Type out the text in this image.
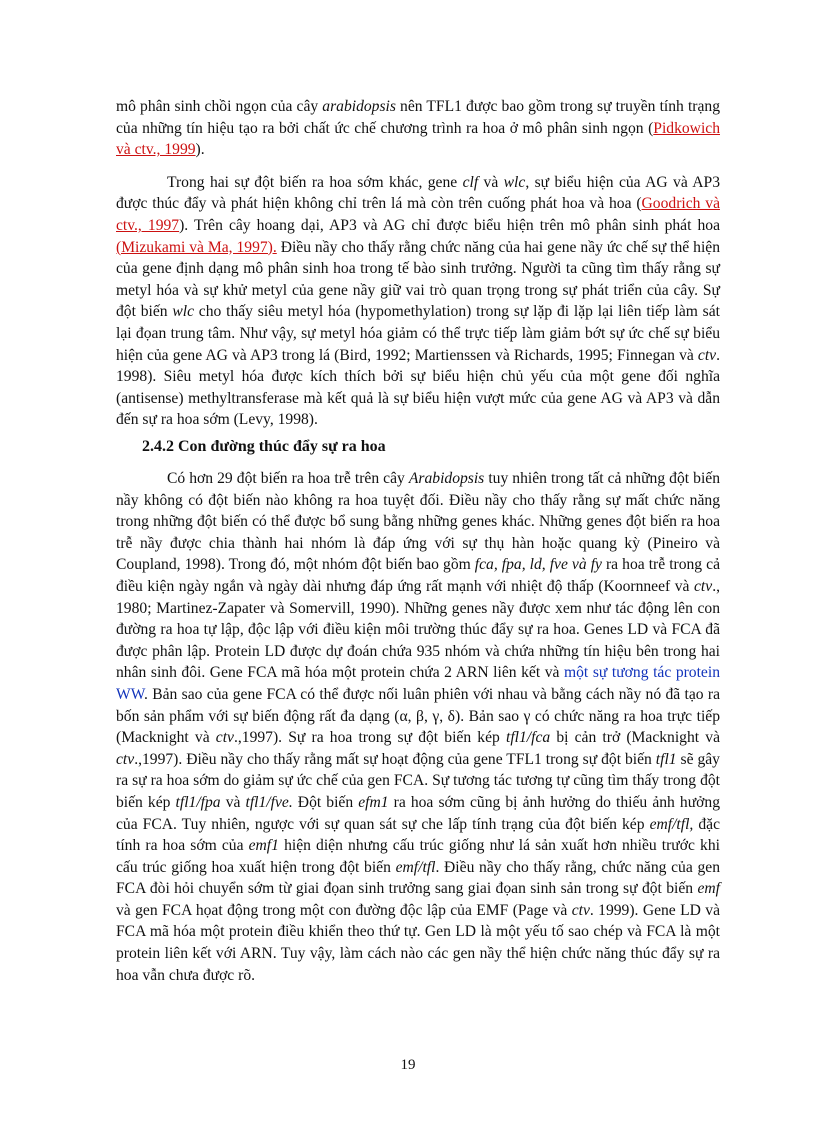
mô phân sinh chồi ngọn của cây arabidopsis nên TFL1 được bao gồm trong sự truyền tính trạng của những tín hiệu tạo ra bởi chất ức chế chương trình ra hoa ở mô phân sinh ngọn (Pidkowich và ctv., 1999).

Trong hai sự đột biến ra hoa sớm khác, gene clf và wlc, sự biểu hiện của AG và AP3 được thúc đẩy và phát hiện không chỉ trên lá mà còn trên cuống phát hoa và hoa (Goodrich và ctv., 1997). Trên cây hoang dại, AP3 và AG chỉ được biểu hiện trên mô phân sinh phát hoa (Mizukami và Ma, 1997). Điều nầy cho thấy rằng chức năng của hai gene nầy ức chế sự thể hiện của gene định dạng mô phân sinh hoa trong tế bào sinh trưởng. Người ta cũng tìm thấy rằng sự metyl hóa và sự khử metyl của gene nầy giữ vai trò quan trọng trong sự phát triển của cây. Sự đột biến wlc cho thấy siêu metyl hóa (hypomethylation) trong sự lặp đi lặp lại liên tiếp làm sát lại đọan trung tâm. Như vậy, sự metyl hóa giảm có thể trực tiếp làm giảm bớt sự ức chế sự biểu hiện của gene AG và AP3 trong lá (Bird, 1992; Martienssen và Richards, 1995; Finnegan và ctv. 1998). Siêu metyl hóa được kích thích bởi sự biểu hiện chủ yếu của một gene đối nghĩa (antisense) methyltransferase mà kết quả là sự biểu hiện vượt mức của gene AG và AP3 và dẫn đến sự ra hoa sớm (Levy, 1998).

2.4.2 Con đường thúc đẩy sự ra hoa

Có hơn 29 đột biến ra hoa trễ trên cây Arabidopsis tuy nhiên trong tất cả những đột biến nầy không có đột biến nào không ra hoa tuyệt đối. Điều nầy cho thấy rằng sự mất chức năng trong những đột biến có thể được bổ sung bằng những genes khác. Những genes đột biến ra hoa trễ nầy được chia thành hai nhóm là đáp ứng với sự thụ hàn hoặc quang kỳ (Pineiro và Coupland, 1998). Trong đó, một nhóm đột biến bao gồm fca, fpa, ld, fve và fy ra hoa trễ trong cả điều kiện ngày ngắn và ngày dài nhưng đáp ứng rất mạnh với nhiệt độ thấp (Koornneef và ctv., 1980; Martinez-Zapater và Somervill, 1990). Những genes nầy được xem như tác động lên con đường ra hoa tự lập, độc lập với điều kiện môi trường thúc đẩy sự ra hoa. Genes LD và FCA đã được phân lập. Protein LD được dự đoán chứa 935 nhóm và chứa những tín hiệu bên trong hai nhân sinh đôi. Gene FCA mã hóa một protein chứa 2 ARN liên kết và một sự tương tác protein WW. Bản sao của gene FCA có thể được nối luân phiên với nhau và bằng cách nầy nó đã tạo ra bốn sản phẩm với sự biến động rất đa dạng (α, β, γ, δ). Bản sao γ có chức năng ra hoa trực tiếp (Macknight và ctv.,1997). Sự ra hoa trong sự đột biến kép tfl1/fca bị cản trở (Macknight và ctv.,1997). Điều nầy cho thấy rằng mất sự hoạt động của gene TFL1 trong sự đột biến tfl1 sẽ gây ra sự ra hoa sớm do giảm sự ức chế của gen FCA. Sự tương tác tương tự cũng tìm thấy trong đột biến kép tfl1/fpa và tfl1/fve. Đột biến efm1 ra hoa sớm cũng bị ảnh hưởng do thiếu ảnh hưởng của FCA. Tuy nhiên, ngược với sự quan sát sự che lấp tính trạng của đột biến kép emf/tfl, đặc tính ra hoa sớm của emf1 hiện diện nhưng cấu trúc giống như lá sản xuất hơn nhiều trước khi cấu trúc giống hoa xuất hiện trong đột biến emf/tfl. Điều nầy cho thấy rằng, chức năng của gen FCA đòi hỏi chuyển sớm từ giai đọan sinh trưởng sang giai đọan sinh sản trong sự đột biến emf và gen FCA họat động trong một con đường độc lập của EMF (Page và ctv. 1999). Gene LD và FCA mã hóa một protein điều khiển theo thứ tự. Gen LD là một yếu tố sao chép và FCA là một protein liên kết với ARN. Tuy vậy, làm cách nào các gen nầy thể hiện chức năng thúc đẩy sự ra hoa vẫn chưa được rõ.

19
